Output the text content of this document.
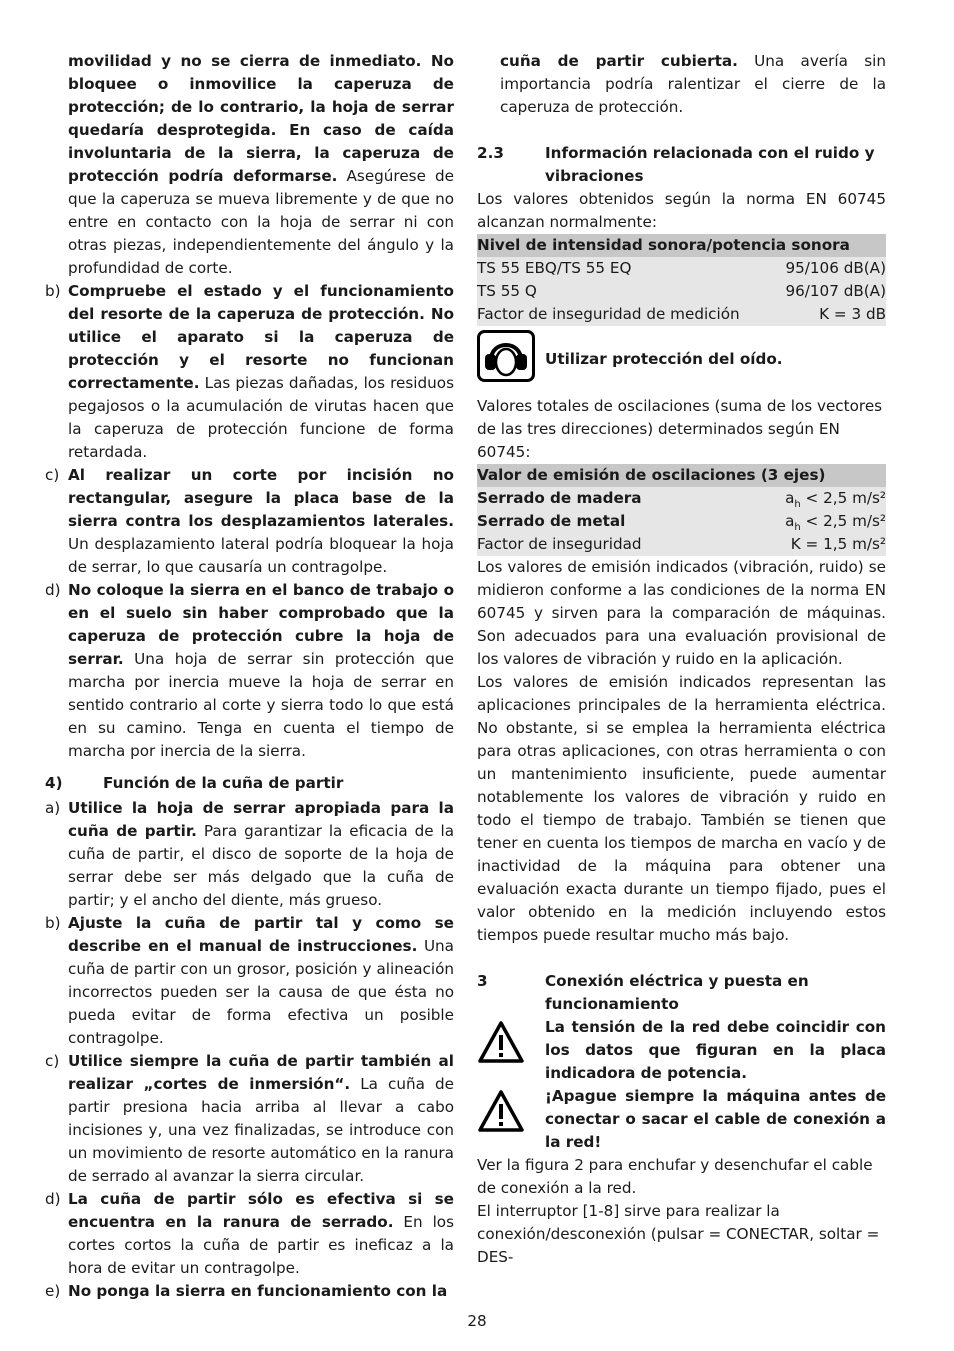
movilidad y no se cierra de inmediato. No bloquee o inmovilice la caperuza de protección; de lo contrario, la hoja de serrar quedaría desprotegida. En caso de caída involuntaria de la sierra, la caperuza de protección podría deformarse. Asegúrese de que la caperuza se mueva libremente y de que no entre en contacto con la hoja de serrar ni con otras piezas, independientemente del ángulo y la profundidad de corte.

b) Compruebe el estado y el funcionamiento del resorte de la caperuza de protección. No utilice el aparato si la caperuza de protección y el resorte no funcionan correctamente. Las piezas dañadas, los residuos pegajosos o la acumulación de virutas hacen que la caperuza de protección funcione de forma retardada.
c) Al realizar un corte por incisión no rectangular, asegure la placa base de la sierra contra los desplazamientos laterales. Un desplazamiento lateral podría bloquear la hoja de serrar, lo que causaría un contragolpe.
d) No coloque la sierra en el banco de trabajo o en el suelo sin haber comprobado que la caperuza de protección cubre la hoja de serrar. Una hoja de serrar sin protección que marcha por inercia mueve la hoja de serrar en sentido contrario al corte y sierra todo lo que está en su camino. Tenga en cuenta el tiempo de marcha por inercia de la sierra.
4)	Función de la cuña de partir
a) Utilice la hoja de serrar apropiada para la cuña de partir. Para garantizar la eficacia de la cuña de partir, el disco de soporte de la hoja de serrar debe ser más delgado que la cuña de partir; y el ancho del diente, más grueso.
b) Ajuste la cuña de partir tal y como se describe en el manual de instrucciones. Una cuña de partir con un grosor, posición y alineación incorrectos pueden ser la causa de que ésta no pueda evitar de forma efectiva un posible contragolpe.
c) Utilice siempre la cuña de partir también al realizar „cortes de inmersión“. La cuña de partir presiona hacia arriba al llevar a cabo incisiones y, una vez finalizadas, se introduce con un movimiento de resorte automático en la ranura de serrado al avanzar la sierra circular.
d) La cuña de partir sólo es efectiva si se encuentra en la ranura de serrado. En los cortes cortos la cuña de partir es ineficaz a la hora de evitar un contragolpe.
e) No ponga la sierra en funcionamiento con la

cuña de partir cubierta. Una avería sin importancia podría ralentizar el cierre de la caperuza de protección.

2.3	Información relacionada con el ruido y vibraciones

Los valores obtenidos según la norma EN 60745 alcanzan normalmente:

Nivel de intensidad sonora/potencia sonora	
TS 55 EBQ/TS 55 EQ	95/106 dB(A)
TS 55 Q	96/107 dB(A)
Factor de inseguridad de medición	K = 3 dB
Utilizar protección del oído.

Valores totales de oscilaciones (suma de los vectores de las tres direcciones) determinados según EN 60745:

Valor de emisión de oscilaciones (3 ejes)	
Serrado de madera	$a_h < 2,5$ m/s²
Serrado de metal	$a_h < 2,5$ m/s²
Factor de inseguridad	K = 1,5 m/s²

Los valores de emisión indicados (vibración, ruido) se midieron conforme a las condiciones de la norma EN 60745 y sirven para la comparación de máquinas. Son adecuados para una evaluación provisional de los valores de vibración y ruido en la aplicación.

Los valores de emisión indicados representan las aplicaciones principales de la herramienta eléctrica. No obstante, si se emplea la herramienta eléctrica para otras aplicaciones, con otras herramienta o con un mantenimiento insuficiente, puede aumentar notablemente los valores de vibración y ruido en todo el tiempo de trabajo. También se tienen que tener en cuenta los tiempos de marcha en vacío y de inactividad de la máquina para obtener una evaluación exacta durante un tiempo fijado, pues el valor obtenido en la medición incluyendo estos tiempos puede resultar mucho más bajo.

3	Conexión eléctrica y puesta en funcionamiento
La tensión de la red debe coincidir con los datos que figuran en la placa indicadora de potencia.
¡Apague siempre la máquina antes de conectar o sacar el cable de conexión a la red!

Ver la figura 2 para enchufar y desenchufar el cable de conexión a la red.

El interruptor [1-8] sirve para realizar la conexión/desconexión (pulsar = CONECTAR, soltar = DES-

28
